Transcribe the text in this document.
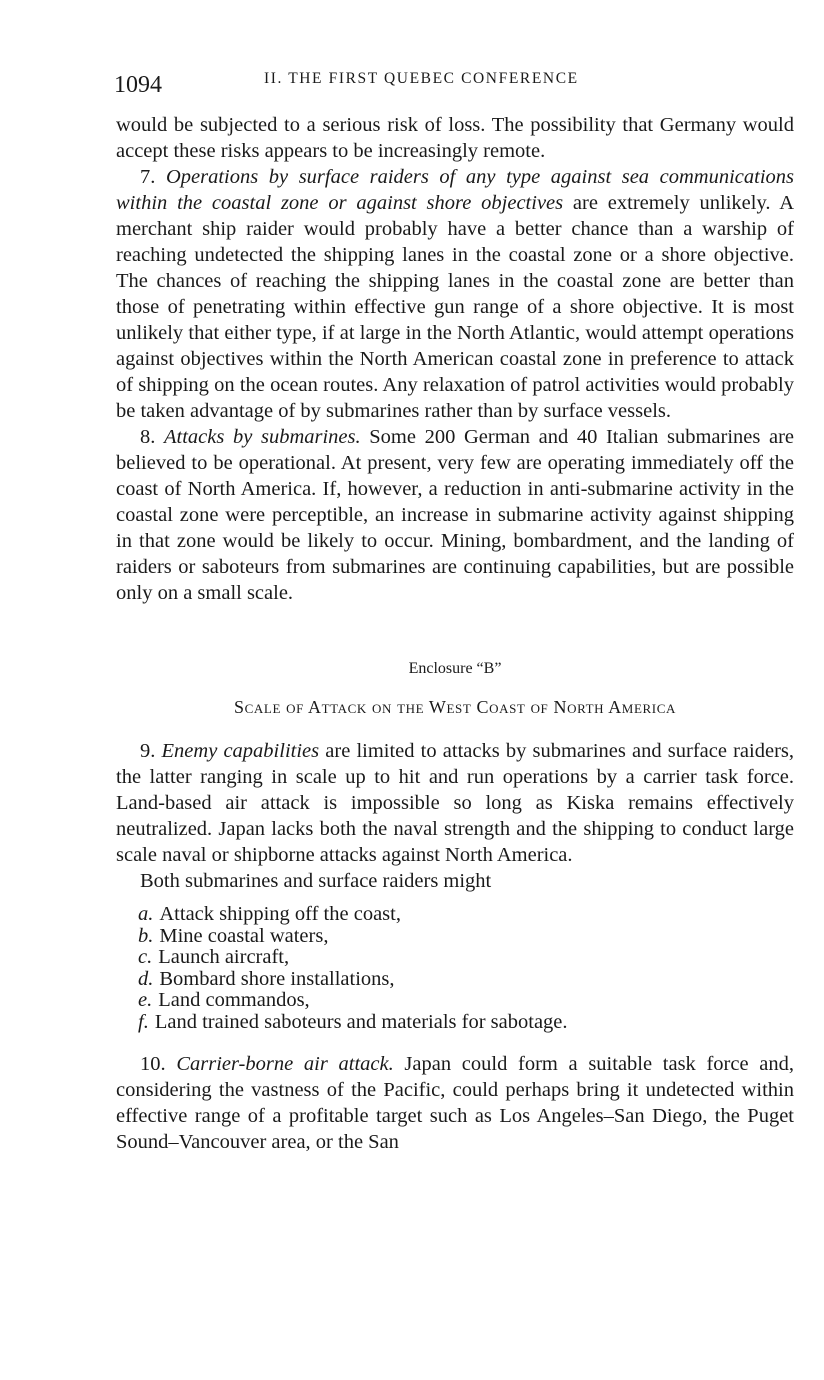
1094	II. THE FIRST QUEBEC CONFERENCE

would be subjected to a serious risk of loss. The possibility that Germany would accept these risks appears to be increasingly remote.

7. Operations by surface raiders of any type against sea communications within the coastal zone or against shore objectives are extremely unlikely. A merchant ship raider would probably have a better chance than a warship of reaching undetected the shipping lanes in the coastal zone or a shore objective. The chances of reaching the shipping lanes in the coastal zone are better than those of penetrating within effective gun range of a shore objective. It is most unlikely that either type, if at large in the North Atlantic, would attempt operations against objectives within the North American coastal zone in preference to attack of shipping on the ocean routes. Any relaxation of patrol activities would probably be taken advantage of by submarines rather than by surface vessels.

8. Attacks by submarines. Some 200 German and 40 Italian submarines are believed to be operational. At present, very few are operating immediately off the coast of North America. If, however, a reduction in anti-submarine activity in the coastal zone were perceptible, an increase in submarine activity against shipping in that zone would be likely to occur. Mining, bombardment, and the landing of raiders or saboteurs from submarines are continuing capabilities, but are possible only on a small scale.

Enclosure “B”
Scale of Attack on the West Coast of North America

9. Enemy capabilities are limited to attacks by submarines and surface raiders, the latter ranging in scale up to hit and run operations by a carrier task force. Land-based air attack is impossible so long as Kiska remains effectively neutralized. Japan lacks both the naval strength and the shipping to conduct large scale naval or shipborne attacks against North America.

Both submarines and surface raiders might

a. Attack shipping off the coast,
b. Mine coastal waters,
c. Launch aircraft,
d. Bombard shore installations,
e. Land commandos,
f. Land trained saboteurs and materials for sabotage.

10. Carrier-borne air attack. Japan could form a suitable task force and, considering the vastness of the Pacific, could perhaps bring it undetected within effective range of a profitable target such as Los Angeles–San Diego, the Puget Sound–Vancouver area, or the San
